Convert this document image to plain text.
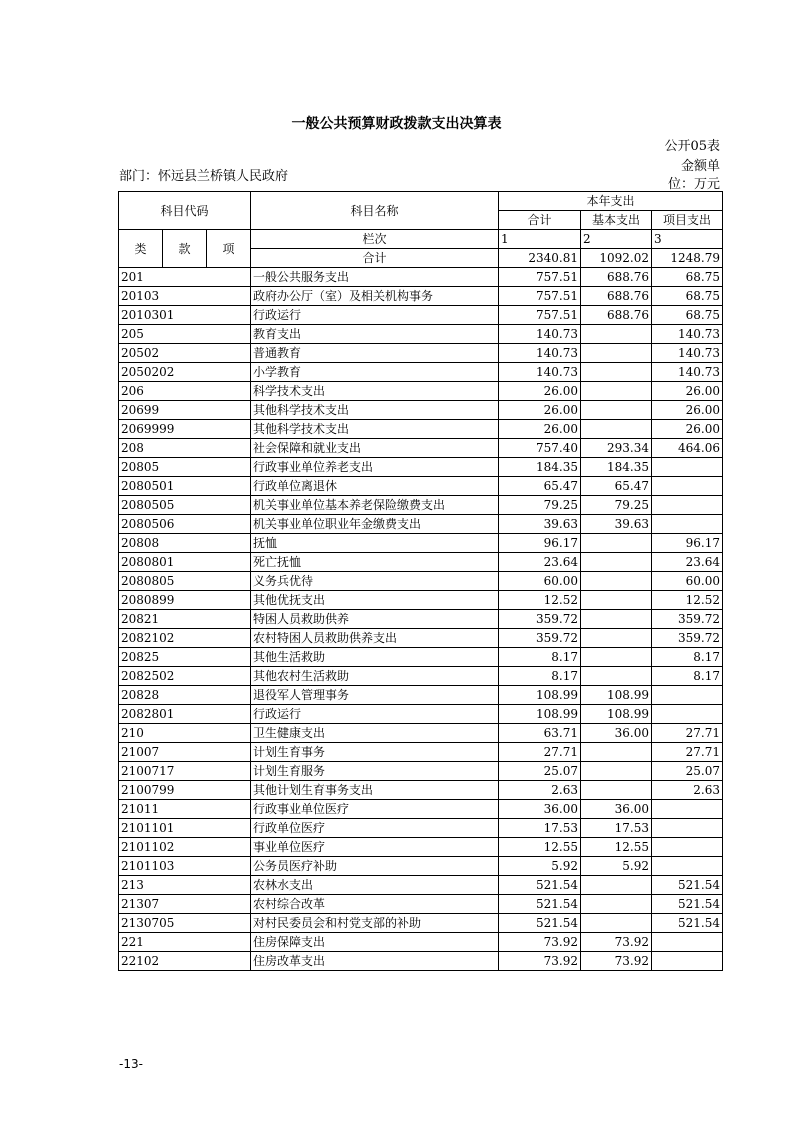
一般公共预算财政拨款支出决算表
公开05表
金额单
部门：怀远县兰桥镇人民政府
位：万元
科目代码			科目名称	本年支出		
				合计	基本支出	项目支出
类	款	项	栏次	1	2	3
			合计	2340.81	1092.02	1248.79
201			一般公共服务支出	757.51	688.76	68.75
20103			政府办公厅（室）及相关机构事务	757.51	688.76	68.75
2010301			行政运行	757.51	688.76	68.75
205			教育支出	140.73		140.73
20502			普通教育	140.73		140.73
2050202			小学教育	140.73		140.73
206			科学技术支出	26.00		26.00
20699			其他科学技术支出	26.00		26.00
2069999			其他科学技术支出	26.00		26.00
208			社会保障和就业支出	757.40	293.34	464.06
20805			行政事业单位养老支出	184.35	184.35	
2080501			行政单位离退休	65.47	65.47	
2080505			机关事业单位基本养老保险缴费支出	79.25	79.25	
2080506			机关事业单位职业年金缴费支出	39.63	39.63	
20808			抚恤	96.17		96.17
2080801			死亡抚恤	23.64		23.64
2080805			义务兵优待	60.00		60.00
2080899			其他优抚支出	12.52		12.52
20821			特困人员救助供养	359.72		359.72
2082102			农村特困人员救助供养支出	359.72		359.72
20825			其他生活救助	8.17		8.17
2082502			其他农村生活救助	8.17		8.17
20828			退役军人管理事务	108.99	108.99	
2082801			行政运行	108.99	108.99	
210			卫生健康支出	63.71	36.00	27.71
21007			计划生育事务	27.71		27.71
2100717			计划生育服务	25.07		25.07
2100799			其他计划生育事务支出	2.63		2.63
21011			行政事业单位医疗	36.00	36.00	
2101101			行政单位医疗	17.53	17.53	
2101102			事业单位医疗	12.55	12.55	
2101103			公务员医疗补助	5.92	5.92	
213			农林水支出	521.54		521.54
21307			农村综合改革	521.54		521.54
2130705			对村民委员会和村党支部的补助	521.54		521.54
221			住房保障支出	73.92	73.92	
22102			住房改革支出	73.92	73.92	
-13-
